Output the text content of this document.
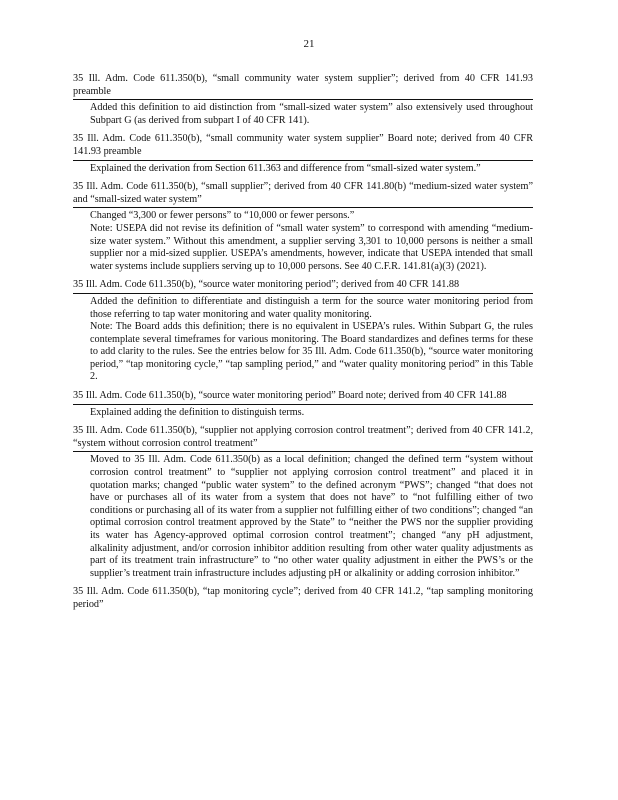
21

35 Ill. Adm. Code 611.350(b), “small community water system supplier”; derived from 40 CFR 141.93 preamble

Added this definition to aid distinction from “small-sized water system” also extensively used throughout Subpart G (as derived from subpart I of 40 CFR 141).

35 Ill. Adm. Code 611.350(b), “small community water system supplier” Board note; derived from 40 CFR 141.93 preamble

Explained the derivation from Section 611.363 and difference from “small-sized water system.”

35 Ill. Adm. Code 611.350(b), “small supplier”; derived from 40 CFR 141.80(b) “medium-sized water system” and “small-sized water system”

Changed “3,300 or fewer persons” to “10,000 or fewer persons.”

Note: USEPA did not revise its definition of “small water system” to correspond with amending “medium-size water system.” Without this amendment, a supplier serving 3,301 to 10,000 persons is neither a small supplier nor a mid-sized supplier. USEPA’s amendments, however, indicate that USEPA intended that small water systems include suppliers serving up to 10,000 persons. See 40 C.F.R. 141.81(a)(3) (2021).

35 Ill. Adm. Code 611.350(b), “source water monitoring period”; derived from 40 CFR 141.88

Added the definition to differentiate and distinguish a term for the source water monitoring period from those referring to tap water monitoring and water quality monitoring.

Note: The Board adds this definition; there is no equivalent in USEPA’s rules. Within Subpart G, the rules contemplate several timeframes for various monitoring. The Board standardizes and defines terms for these to add clarity to the rules. See the entries below for 35 Ill. Adm. Code 611.350(b), “source water monitoring period,” “tap monitoring cycle,” “tap sampling period,” and “water quality monitoring period” in this Table 2.

35 Ill. Adm. Code 611.350(b), “source water monitoring period” Board note; derived from 40 CFR 141.88

Explained adding the definition to distinguish terms.

35 Ill. Adm. Code 611.350(b), “supplier not applying corrosion control treatment”; derived from 40 CFR 141.2, “system without corrosion control treatment”

Moved to 35 Ill. Adm. Code 611.350(b) as a local definition; changed the defined term “system without corrosion control treatment” to “supplier not applying corrosion control treatment” and placed it in quotation marks; changed “public water system” to the defined acronym “PWS”; changed “that does not have or purchases all of its water from a system that does not have” to “not fulfilling either of two conditions or purchasing all of its water from a supplier not fulfilling either of two conditions”; changed “an optimal corrosion control treatment approved by the State” to “neither the PWS nor the supplier providing its water has Agency-approved optimal corrosion control treatment”; changed “any pH adjustment, alkalinity adjustment, and/or corrosion inhibitor addition resulting from other water quality adjustments as part of its treatment train infrastructure” to “no other water quality adjustment in either the PWS’s or the supplier’s treatment train infrastructure includes adjusting pH or alkalinity or adding corrosion inhibitor.”

35 Ill. Adm. Code 611.350(b), “tap monitoring cycle”; derived from 40 CFR 141.2, “tap sampling monitoring period”
